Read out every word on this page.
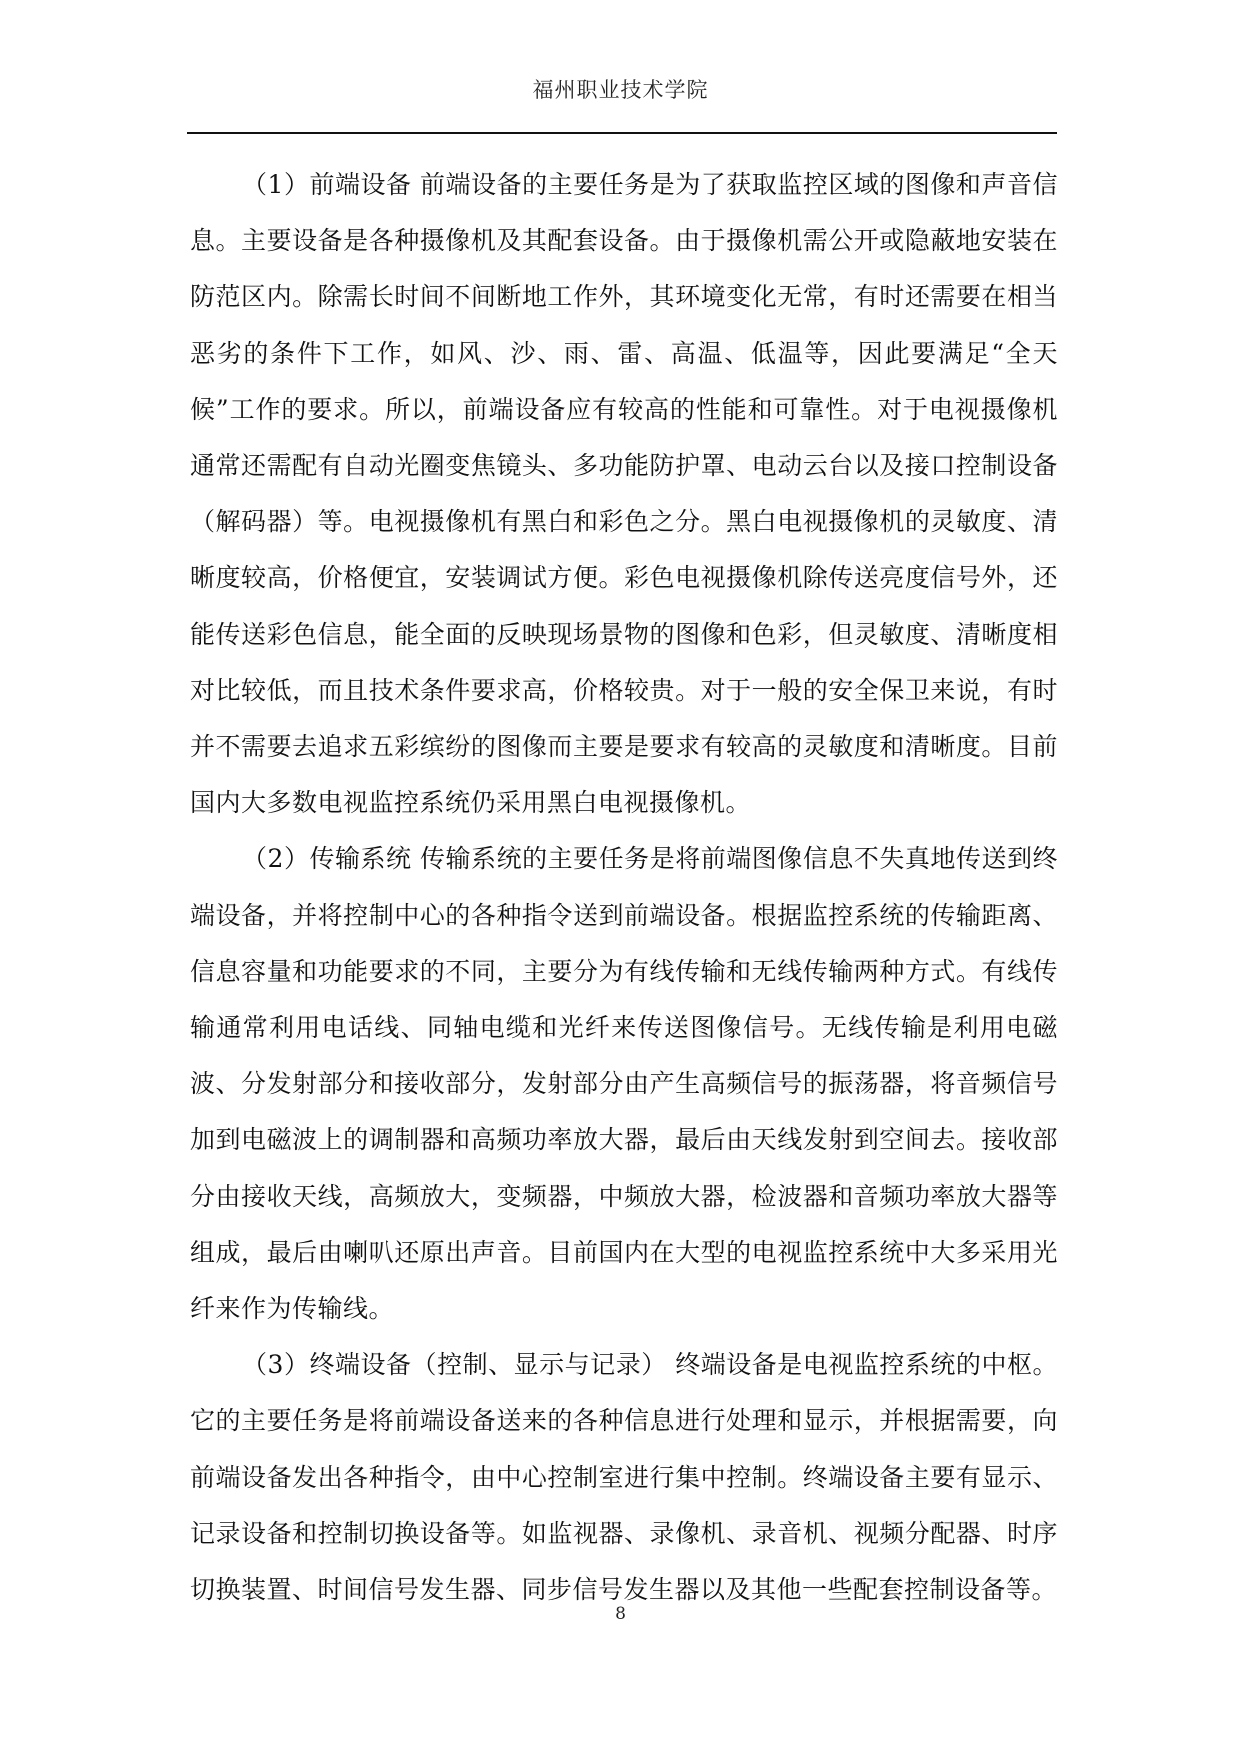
福州职业技术学院

（1）前端设备 前端设备的主要任务是为了获取监控区域的图像和声音信息。主要设备是各种摄像机及其配套设备。由于摄像机需公开或隐蔽地安装在防范区内。除需长时间不间断地工作外，其环境变化无常，有时还需要在相当恶劣的条件下工作，如风、沙、雨、雷、高温、低温等，因此要满足“全天候”工作的要求。所以，前端设备应有较高的性能和可靠性。对于电视摄像机通常还需配有自动光圈变焦镜头、多功能防护罩、电动云台以及接口控制设备（解码器）等。电视摄像机有黑白和彩色之分。黑白电视摄像机的灵敏度、清晰度较高，价格便宜，安装调试方便。彩色电视摄像机除传送亮度信号外，还能传送彩色信息，能全面的反映现场景物的图像和色彩，但灵敏度、清晰度相对比较低，而且技术条件要求高，价格较贵。对于一般的安全保卫来说，有时并不需要去追求五彩缤纷的图像而主要是要求有较高的灵敏度和清晰度。目前国内大多数电视监控系统仍采用黑白电视摄像机。

（2）传输系统 传输系统的主要任务是将前端图像信息不失真地传送到终端设备，并将控制中心的各种指令送到前端设备。根据监控系统的传输距离、信息容量和功能要求的不同，主要分为有线传输和无线传输两种方式。有线传输通常利用电话线、同轴电缆和光纤来传送图像信号。无线传输是利用电磁波、分发射部分和接收部分，发射部分由产生高频信号的振荡器，将音频信号加到电磁波上的调制器和高频功率放大器，最后由天线发射到空间去。接收部分由接收天线，高频放大，变频器，中频放大器，检波器和音频功率放大器等组成，最后由喇叭还原出声音。目前国内在大型的电视监控系统中大多采用光纤来作为传输线。

（3）终端设备（控制、显示与记录） 终端设备是电视监控系统的中枢。它的主要任务是将前端设备送来的各种信息进行处理和显示，并根据需要，向前端设备发出各种指令，由中心控制室进行集中控制。终端设备主要有显示、记录设备和控制切换设备等。如监视器、录像机、录音机、视频分配器、时序切换装置、时间信号发生器、同步信号发生器以及其他一些配套控制设备等。

8
